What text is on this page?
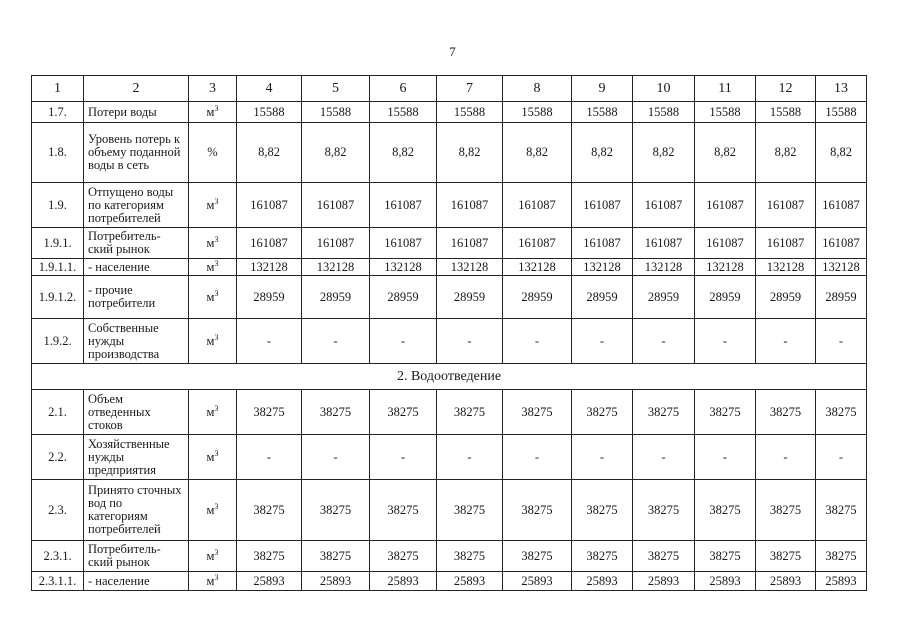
7
1	2	3	4	5	6	7	8	9	10	11	12	13
1.7.	Потери воды	$м^3$	15588	15588	15588	15588	15588	15588	15588	15588	15588	15588
1.8.	Уровень потерь к объему поданной воды в сеть	%	8,82	8,82	8,82	8,82	8,82	8,82	8,82	8,82	8,82	8,82
1.9.	Отпущено воды по категориям потребителей	$м^3$	161087	161087	161087	161087	161087	161087	161087	161087	161087	161087
1.9.1.	Потребитель-ский рынок	$м^3$	161087	161087	161087	161087	161087	161087	161087	161087	161087	161087
1.9.1.1.	- население	$м^3$	132128	132128	132128	132128	132128	132128	132128	132128	132128	132128
1.9.1.2.	- прочие потребители	$м^3$	28959	28959	28959	28959	28959	28959	28959	28959	28959	28959
1.9.2.	Собственные нужды производства	$м^3$	-	-	-	-	-	-	-	-	-	-
2. Водоотведение												
2.1.	Объем отведенных стоков	$м^3$	38275	38275	38275	38275	38275	38275	38275	38275	38275	38275
2.2.	Хозяйственные нужды предприятия	$м^3$	-	-	-	-	-	-	-	-	-	-
2.3.	Принято сточных вод по категориям потребителей	$м^3$	38275	38275	38275	38275	38275	38275	38275	38275	38275	38275
2.3.1.	Потребитель-ский рынок	$м^3$	38275	38275	38275	38275	38275	38275	38275	38275	38275	38275
2.3.1.1.	- население	$м^3$	25893	25893	25893	25893	25893	25893	25893	25893	25893	25893
